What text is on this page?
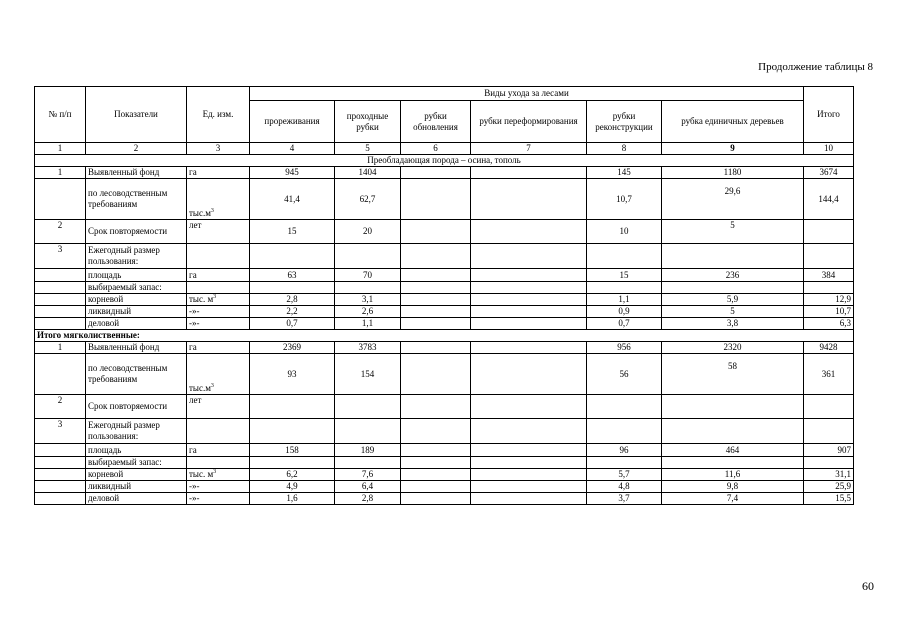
Продолжение таблицы 8
№ п/п	Показатели	Ед. изм.	Виды ухода за лесами						Итого
			прореживания	проходные рубки	рубки обновления	рубки переформирования	рубки реконструкции	рубка единичных деревьев	
1	2	3	4	5	6	7	8	9	10
Преобладающая порода – осина, тополь									
1	Выявленный фонд	га	945	1404			145	1180	3674
	по лесоводственным требованиям	$тыс.м^3$	41,4	62,7			10,7	29,6	144,4
2	Срок повторяемости	лет	15	20			10	5	
3	Ежегодный размер пользования:								
	площадь	га	63	70			15	236	384
	выбираемый запас:								
	корневой	тыс. $м^3$	2,8	3,1			1,1	5,9	12,9
	ликвидный	-»-	2,2	2,6			0,9	5	10,7
	деловой	-»-	0,7	1,1			0,7	3,8	6,3
Итого мягколиственные:									
1	Выявленный фонд	га	2369	3783			956	2320	9428
	по лесоводственным требованиям	$тыс.м^3$	93	154			56	58	361
2	Срок повторяемости	лет							
3	Ежегодный размер пользования:								
	площадь	га	158	189			96	464	907
	выбираемый запас:								
	корневой	тыс. $м^3$	6,2	7,6			5,7	11,6	31,1
	ликвидный	-»-	4,9	6,4			4,8	9,8	25,9
	деловой	-»-	1,6	2,8			3,7	7,4	15,5
60
